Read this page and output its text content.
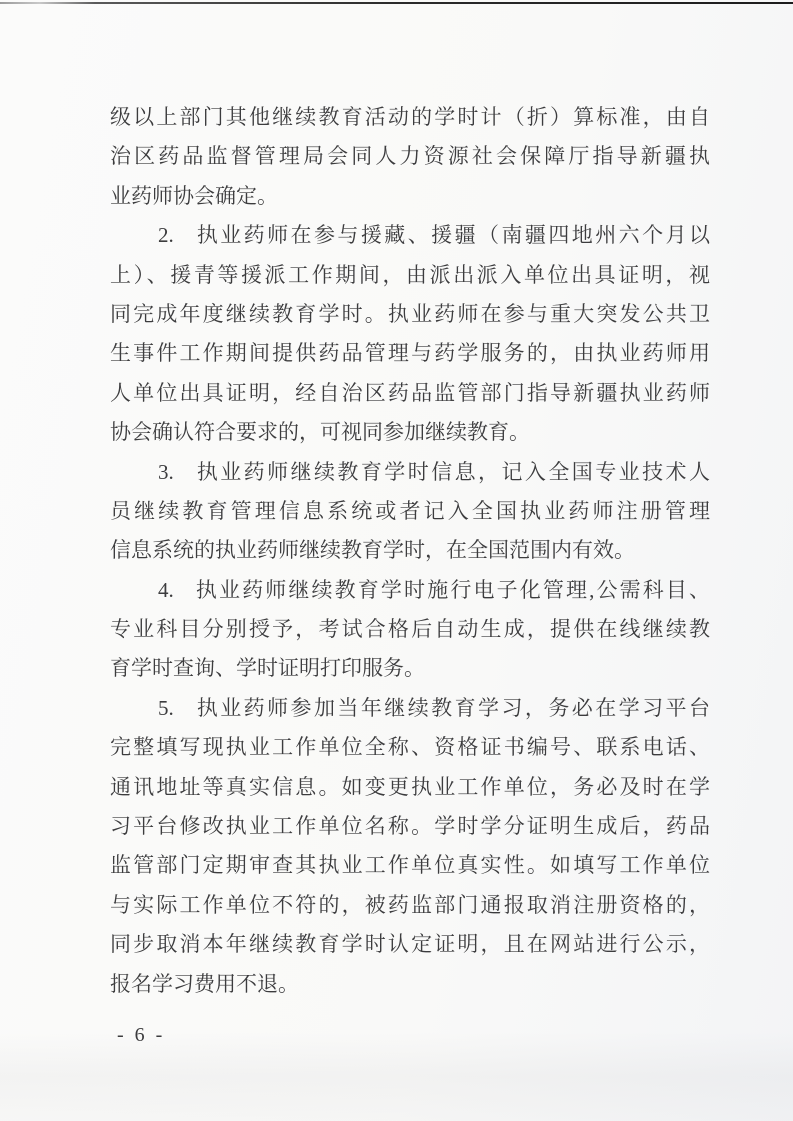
级以上部门其他继续教育活动的学时计（折）算标准，由自
治区药品监督管理局会同人力资源社会保障厅指导新疆执
业药师协会确定。
2.   执业药师在参与援藏、援疆（南疆四地州六个月以
上）、援青等援派工作期间，由派出派入单位出具证明，视
同完成年度继续教育学时。执业药师在参与重大突发公共卫
生事件工作期间提供药品管理与药学服务的，由执业药师用
人单位出具证明，经自治区药品监管部门指导新疆执业药师
协会确认符合要求的，可视同参加继续教育。
3.   执业药师继续教育学时信息，记入全国专业技术人
员继续教育管理信息系统或者记入全国执业药师注册管理
信息系统的执业药师继续教育学时，在全国范围内有效。
4.   执业药师继续教育学时施行电子化管理,公需科目、
专业科目分别授予，考试合格后自动生成，提供在线继续教
育学时查询、学时证明打印服务。
5.   执业药师参加当年继续教育学习，务必在学习平台
完整填写现执业工作单位全称、资格证书编号、联系电话、
通讯地址等真实信息。如变更执业工作单位，务必及时在学
习平台修改执业工作单位名称。学时学分证明生成后，药品
监管部门定期审查其执业工作单位真实性。如填写工作单位
与实际工作单位不符的，被药监部门通报取消注册资格的，
同步取消本年继续教育学时认定证明，且在网站进行公示，
报名学习费用不退。
- 6 -
